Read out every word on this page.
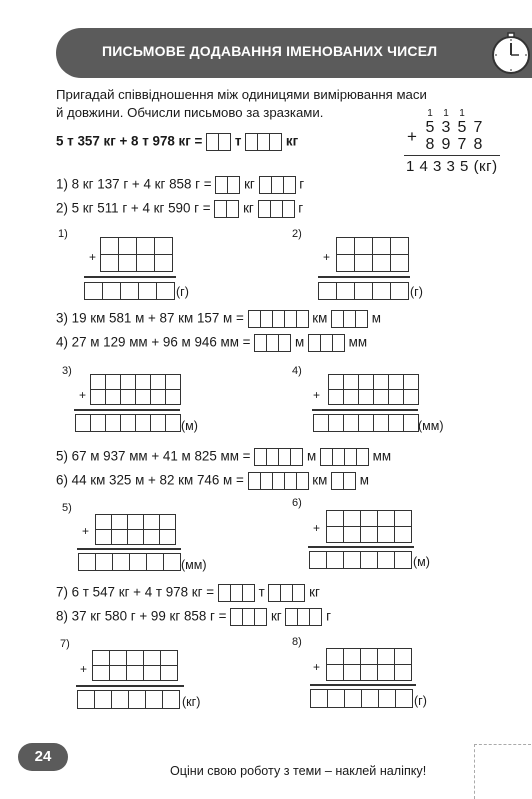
ПИСЬМОВЕ ДОДАВАННЯ ІМЕНОВАНИХ ЧИСЕЛ
Пригадай співвідношення між одиницями вимірювання маси
й довжини. Обчисли письмово за зразками.
5 т 357 кг + 8 т 978 кг = т	кг
1	1	1
5 3 5 7
+ 8 9 7 8
1 4 3 3 5 (кг)
1) 8 кг 137 г + 4 кг 858 г = кг	г
2) 5 кг 511 г + 4 кг 590 г = кг	г
1)
+
(г)
2)
+
(г)
3) 19 км 581 м + 87 км 157 м =	км	м
4) 27 м 129 мм + 96 м 946 мм =	м	мм
3)
+
(м)
4)
+
(мм)
5) 67 м 937 мм + 41 м 825 мм =	м	мм
6) 44 км 325 м + 82 км 746 м =	км м
5)
+
(мм)
6)
+
(м)
7) 6 т 547 кг + 4 т 978 кг =	т	кг
8) 37 кг 580 г + 99 кг 858 г =	кг	г
7)
+
(кг)
8)
+
(г)
24
Оціни свою роботу з теми – наклей наліпку!
